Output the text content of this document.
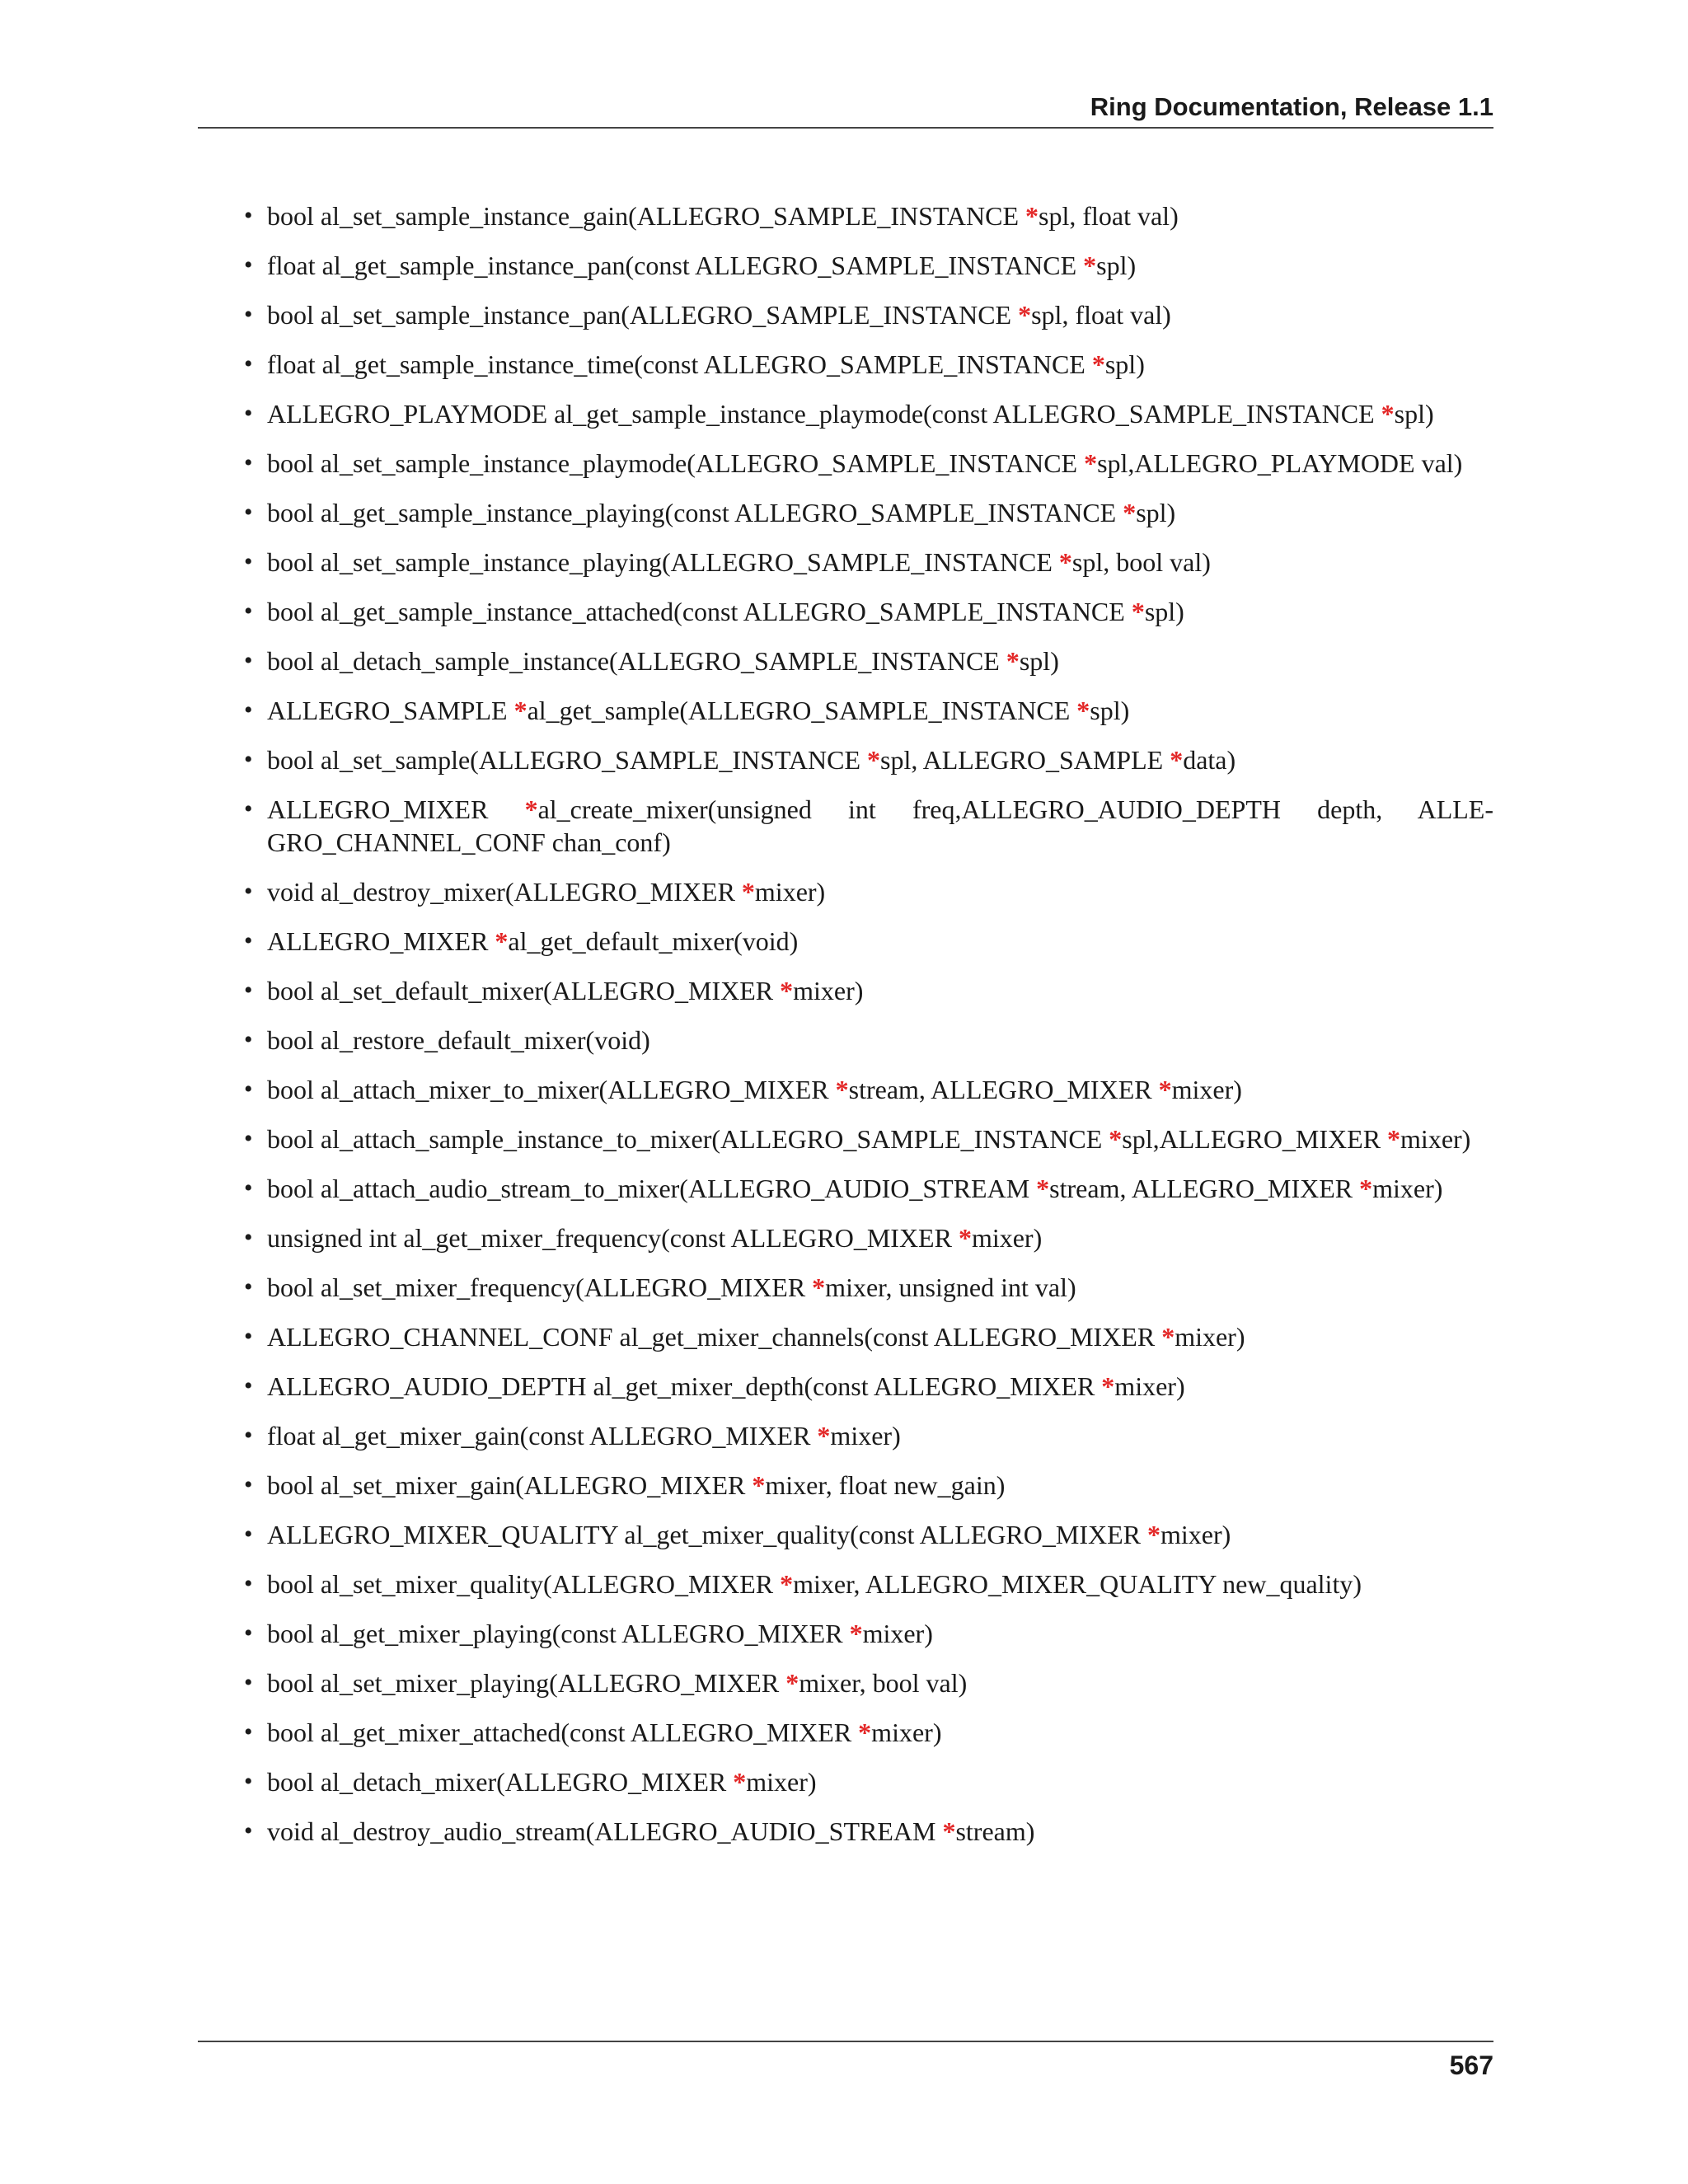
Ring Documentation, Release 1.1
• bool al_set_sample_instance_gain(ALLEGRO_SAMPLE_INSTANCE *spl, float val)
• float al_get_sample_instance_pan(const ALLEGRO_SAMPLE_INSTANCE *spl)
• bool al_set_sample_instance_pan(ALLEGRO_SAMPLE_INSTANCE *spl, float val)
• float al_get_sample_instance_time(const ALLEGRO_SAMPLE_INSTANCE *spl)
• ALLEGRO_PLAYMODE al_get_sample_instance_playmode(const ALLEGRO_SAMPLE_INSTANCE *spl)
• bool al_set_sample_instance_playmode(ALLEGRO_SAMPLE_INSTANCE *spl,ALLEGRO_PLAYMODE val)
• bool al_get_sample_instance_playing(const ALLEGRO_SAMPLE_INSTANCE *spl)
• bool al_set_sample_instance_playing(ALLEGRO_SAMPLE_INSTANCE *spl, bool val)
• bool al_get_sample_instance_attached(const ALLEGRO_SAMPLE_INSTANCE *spl)
• bool al_detach_sample_instance(ALLEGRO_SAMPLE_INSTANCE *spl)
• ALLEGRO_SAMPLE *al_get_sample(ALLEGRO_SAMPLE_INSTANCE *spl)
• bool al_set_sample(ALLEGRO_SAMPLE_INSTANCE *spl, ALLEGRO_SAMPLE *data)
• ALLEGRO_MIXER *al_create_mixer(unsigned int freq,ALLEGRO_AUDIO_DEPTH depth, ALLEGRO_CHANNEL_CONF chan_conf)
• void al_destroy_mixer(ALLEGRO_MIXER *mixer)
• ALLEGRO_MIXER *al_get_default_mixer(void)
• bool al_set_default_mixer(ALLEGRO_MIXER *mixer)
• bool al_restore_default_mixer(void)
• bool al_attach_mixer_to_mixer(ALLEGRO_MIXER *stream, ALLEGRO_MIXER *mixer)
• bool al_attach_sample_instance_to_mixer(ALLEGRO_SAMPLE_INSTANCE *spl,ALLEGRO_MIXER *mixer)
• bool al_attach_audio_stream_to_mixer(ALLEGRO_AUDIO_STREAM *stream, ALLEGRO_MIXER *mixer)
• unsigned int al_get_mixer_frequency(const ALLEGRO_MIXER *mixer)
• bool al_set_mixer_frequency(ALLEGRO_MIXER *mixer, unsigned int val)
• ALLEGRO_CHANNEL_CONF al_get_mixer_channels(const ALLEGRO_MIXER *mixer)
• ALLEGRO_AUDIO_DEPTH al_get_mixer_depth(const ALLEGRO_MIXER *mixer)
• float al_get_mixer_gain(const ALLEGRO_MIXER *mixer)
• bool al_set_mixer_gain(ALLEGRO_MIXER *mixer, float new_gain)
• ALLEGRO_MIXER_QUALITY al_get_mixer_quality(const ALLEGRO_MIXER *mixer)
• bool al_set_mixer_quality(ALLEGRO_MIXER *mixer, ALLEGRO_MIXER_QUALITY new_quality)
• bool al_get_mixer_playing(const ALLEGRO_MIXER *mixer)
• bool al_set_mixer_playing(ALLEGRO_MIXER *mixer, bool val)
• bool al_get_mixer_attached(const ALLEGRO_MIXER *mixer)
• bool al_detach_mixer(ALLEGRO_MIXER *mixer)
• void al_destroy_audio_stream(ALLEGRO_AUDIO_STREAM *stream)
567
